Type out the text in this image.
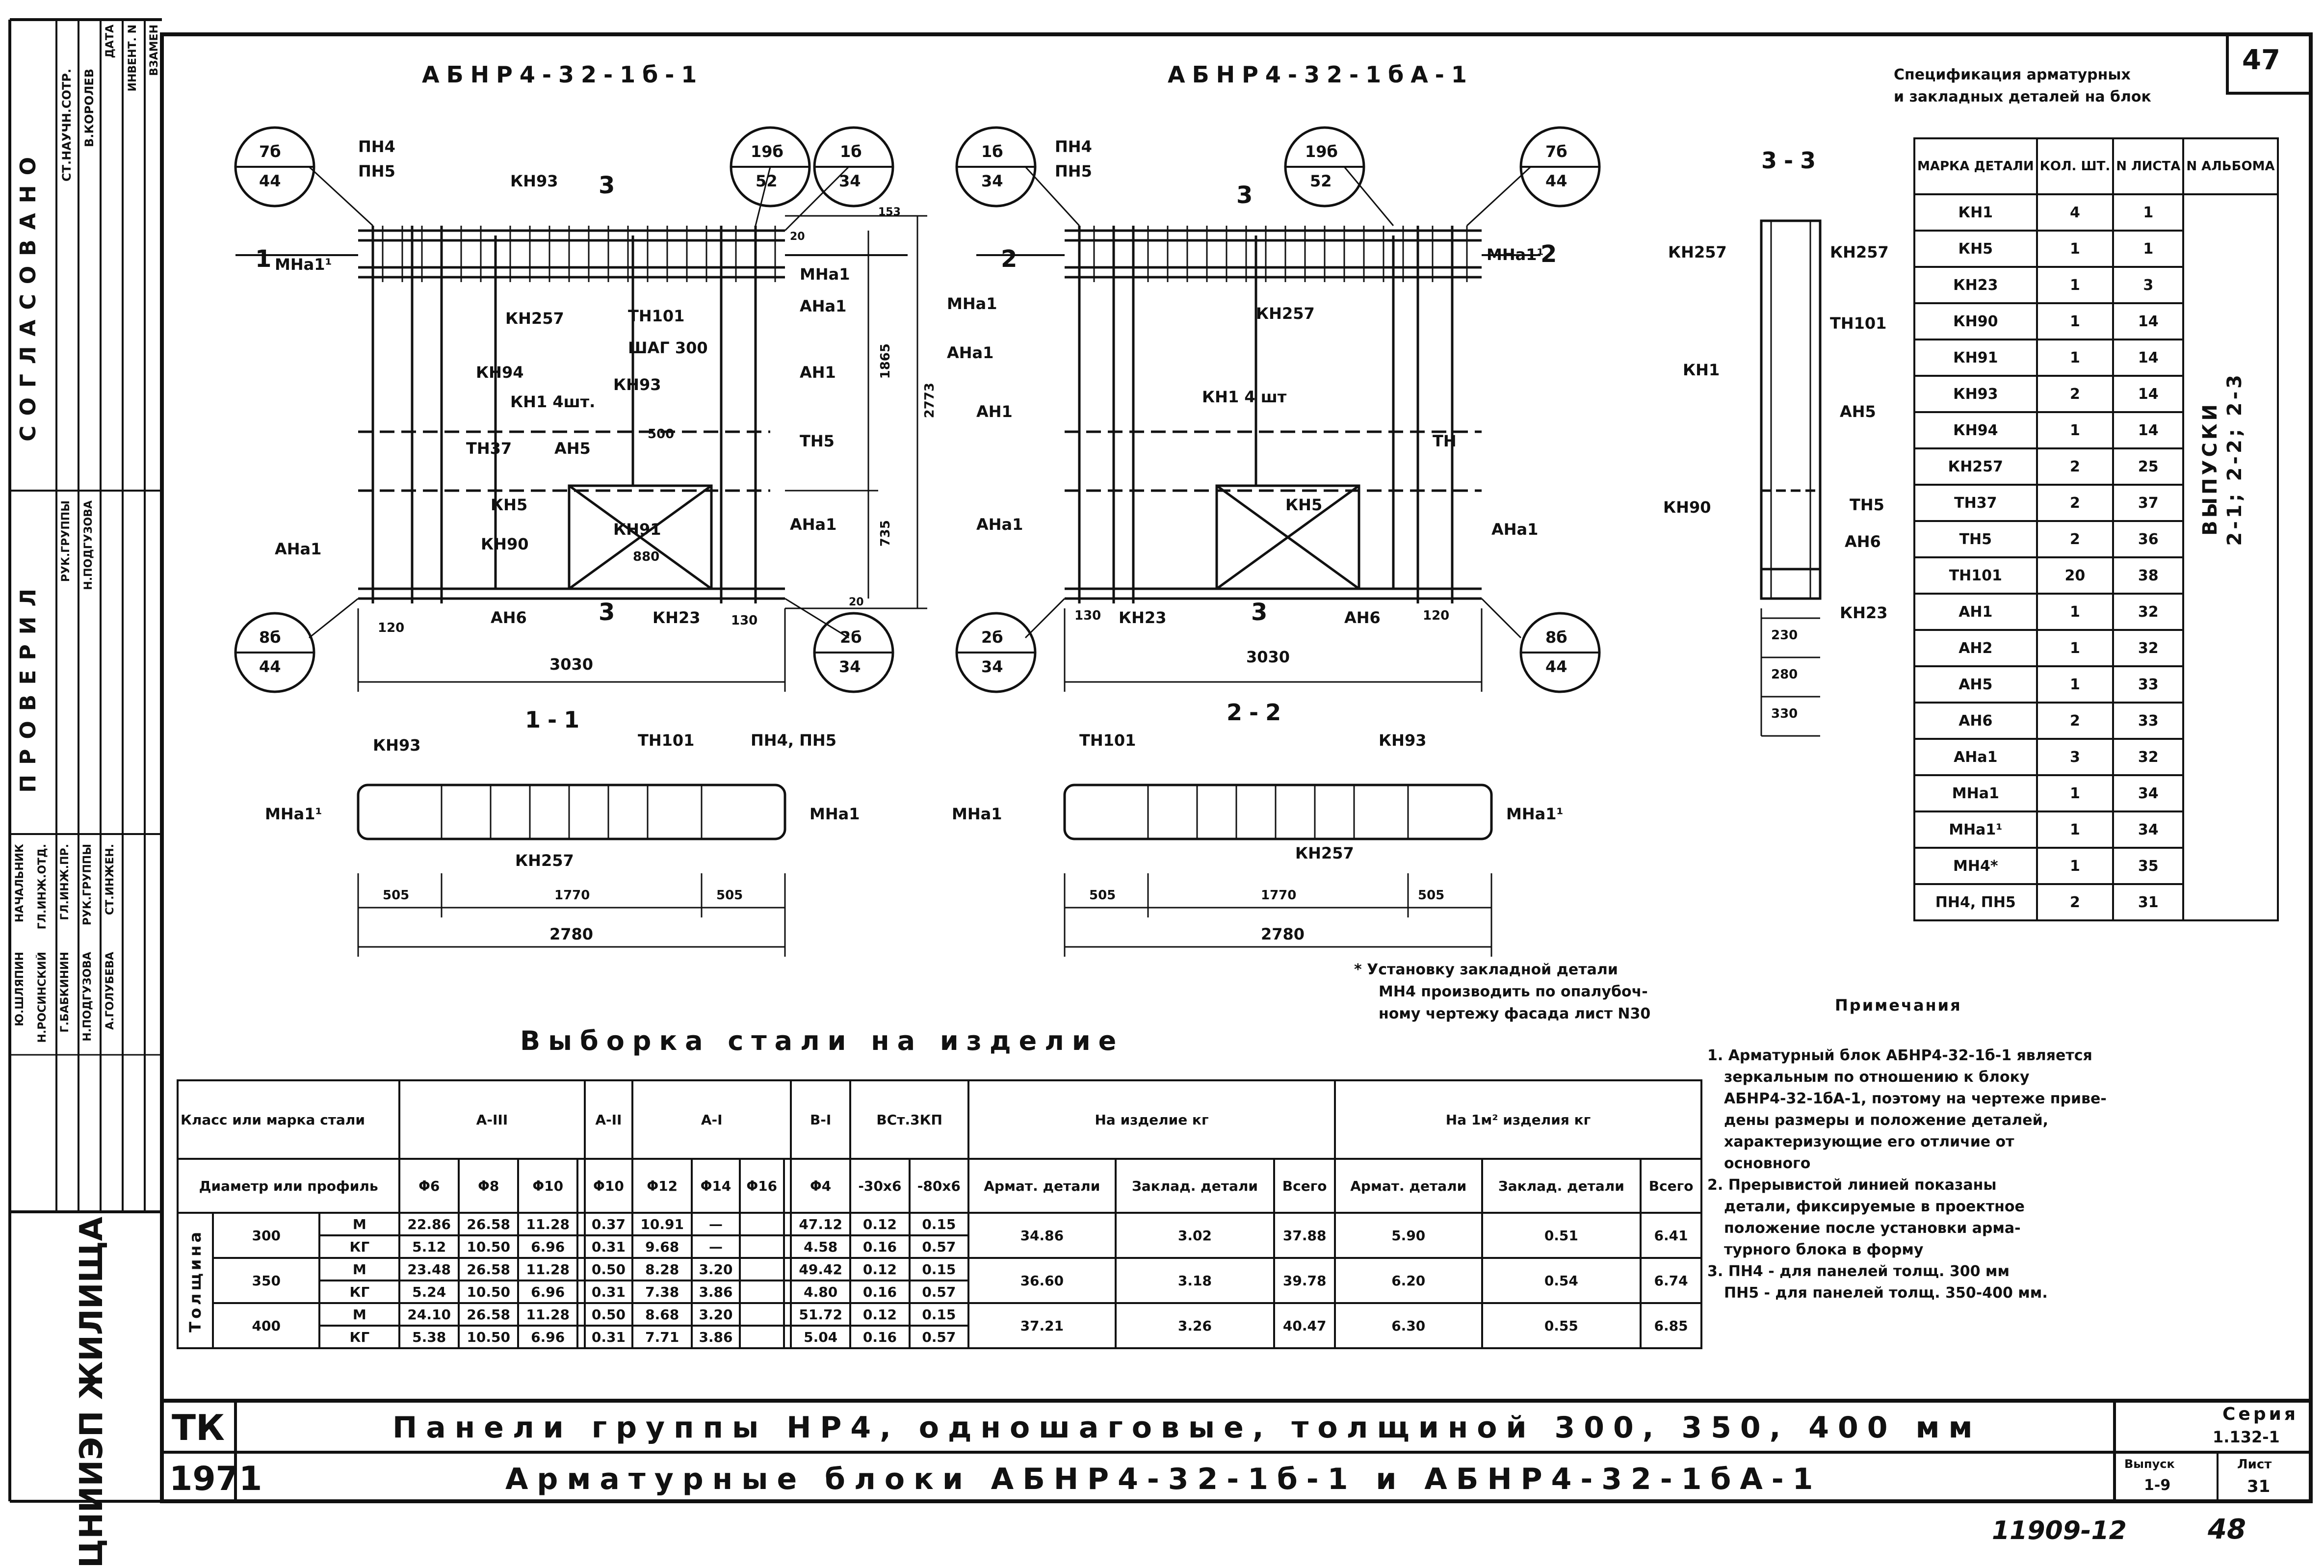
47
СОГЛАСОВАНО
СТ.НАУЧН.СОТР. В.КОРОЛЕВ
ДАТА ИНВЕНТ. N ВЗАМЕН
ПРОВЕРИЛ
РУК.ГРУППЫ Н.ПОДГУЗОВА
НАЧАЛЬНИК ГЛ.ИНЖ.ОТД. ГЛ.ИНЖ.ПР. РУК.ГРУППЫ СТ.ИНЖЕН.
Ю.ШЛЯПИН Н.РОСИНСКИЙ Г.БАБКИНИН Н.ПОДГУЗОВА А.ГОЛУБЕВА
ЦНИИЭП ЖИЛИЩА
АБНР4-32-1б-1	АБНР4-32-1бА-1
1-1	2-2
3-3
7б
44
19б
52
1б
34
8б
44
2б
34
ПН4
ПН5
КН93 3
1 МНа1¹
КН257	ТН101
ШАГ 300
КН94
КН1 4шт.
КН93
ТН37	АН5
500
КН5
КН91
КН90
880
АНа1
АН6	КН23
3
120	130
3030
МНа1
АНа1
АН1
ТН5
АНа1
20
153
1865
2773
735
20
1б
34
19б
52
7б
44
2б
34
8б
44
ПН4
ПН5
3
2
МНа1
АНа1
КН257
МНа1¹
2
АН1
КН1 4 шт
ТН
АНа1
КН5
АНа1
130 КН23	3	АН6	120
3030
КН93	ТН101	ПН4, ПН5
МНа1¹	МНа1
КН257
505	1770	505
2780
ТН101	КН93
МНа1	МНа1¹
КН257
505	1770	505
2780
КН257	КН257
ТН101
КН1
АН5
КН90	ТН5
АН6
КН23
230
280
330
Спецификация арматурных
и закладных деталей на блок
МАРКА ДЕТАЛИ	КОЛ. ШТ.	N ЛИСТА	N АЛЬБОМА
КН1	4	1	ВЫПУСКИ 2-1; 2-2; 2-3

КН5	1	1	
КН23	1	3	
КН90	1	14	
КН91	1	14	
КН93	2	14	
КН94	1	14	
КН257	2	25	
ТН37	2	37	
ТН5	2	36	
ТН101	20	38	
АН1	1	32	
АН2	1	32	
АН5	1	33	
АН6	2	33	
АНа1	3	32	
МНа1	1	34	
МНа1¹	1	34	
МН4*	1	35	
ПН4, ПН5	2	31	
* Установку закладной детали
МН4 производить по опалубоч-
ному чертежу фасада лист N30	Примечания
1. Арматурный блок АБНР4-32-1б-1 является
зеркальным по отношению к блоку
АБНР4-32-1бА-1, поэтому на чертеже приве-
дены размеры и положение деталей,
характеризующие его отличие от
основного
2. Прерывистой линией показаны
детали, фиксируемые в проектное
положение после установки арма-
турного блока в форму
3. ПН4 - для панелей толщ. 300 мм
ПН5 - для панелей толщ. 350-400 мм.
Выборка стали на изделие
Класс или марка стали			A-III				A-II	A-I				B-I	ВСт.3КП		На изделие кг			На 1м² изделия кг		
Диаметр или профиль			Φ6	Φ8	Φ10		Φ10	Φ12	Φ14	Φ16		Φ4	-30x6	-80x6	Армат. детали	Заклад. детали	Всего	Армат. детали	Заклад. детали	Всего

Толщина	300	М	22.86	26.58	11.28		0.37	10.91	—			47.12	0.12	0.15	34.86	3.02	37.88	5.90	0.51	6.41
		КГ	5.12	10.50	6.96		0.31	9.68	—			4.58	0.16	0.57						
	350	М	23.48	26.58	11.28		0.50	8.28	3.20			49.42	0.12	0.15	36.60	3.18	39.78	6.20	0.54	6.74
		КГ	5.24	10.50	6.96		0.31	7.38	3.86			4.80	0.16	0.57						
	400	М	24.10	26.58	11.28		0.50	8.68	3.20			51.72	0.12	0.15	37.21	3.26	40.47	6.30	0.55	6.85
		КГ	5.38	10.50	6.96		0.31	7.71	3.86			5.04	0.16	0.57						
ТК
1971
Панели группы НР4, одношаговые, толщиной 300, 350, 400 мм
Арматурные блоки АБНР4-32-1б-1 и АБНР4-32-1бА-1
Серия
1.132-1
Выпуск
1-9
Лист
31
11909-12	48
